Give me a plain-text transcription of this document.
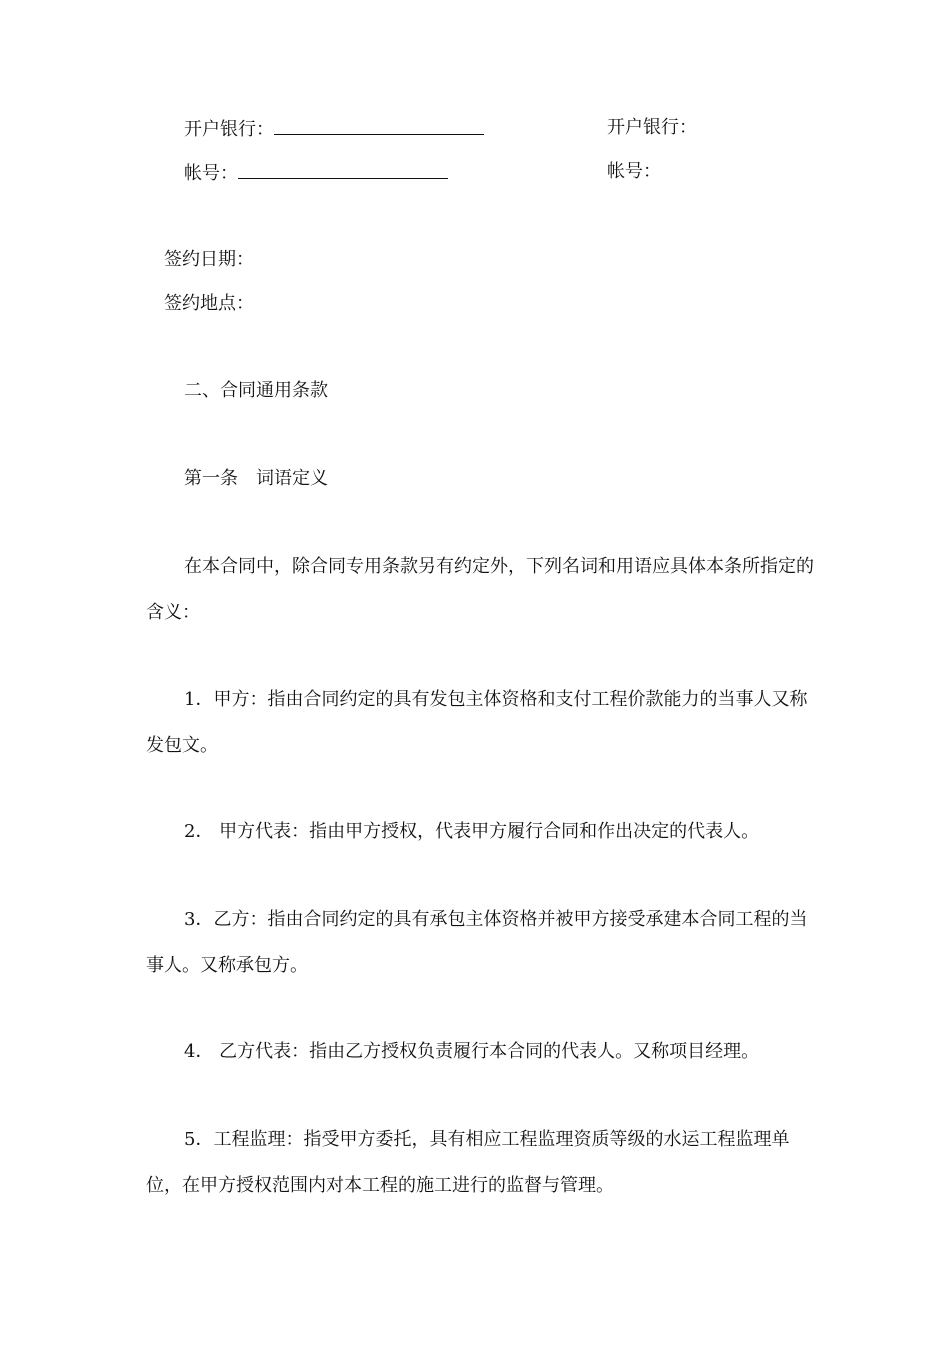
开户银行：
帐号：
开户银行：
帐号：
签约日期：
签约地点：
二、合同通用条款
第一条　词语定义
在本合同中，除合同专用条款另有约定外，下列名词和用语应具体本条所指定的含义：
1．甲方：指由合同约定的具有发包主体资格和支付工程价款能力的当事人又称发包文。
2． 甲方代表：指由甲方授权，代表甲方履行合同和作出决定的代表人。
3．乙方：指由合同约定的具有承包主体资格并被甲方接受承建本合同工程的当事人。又称承包方。
4． 乙方代表：指由乙方授权负责履行本合同的代表人。又称项目经理。
5．工程监理：指受甲方委托，具有相应工程监理资质等级的水运工程监理单位，在甲方授权范围内对本工程的施工进行的监督与管理。
